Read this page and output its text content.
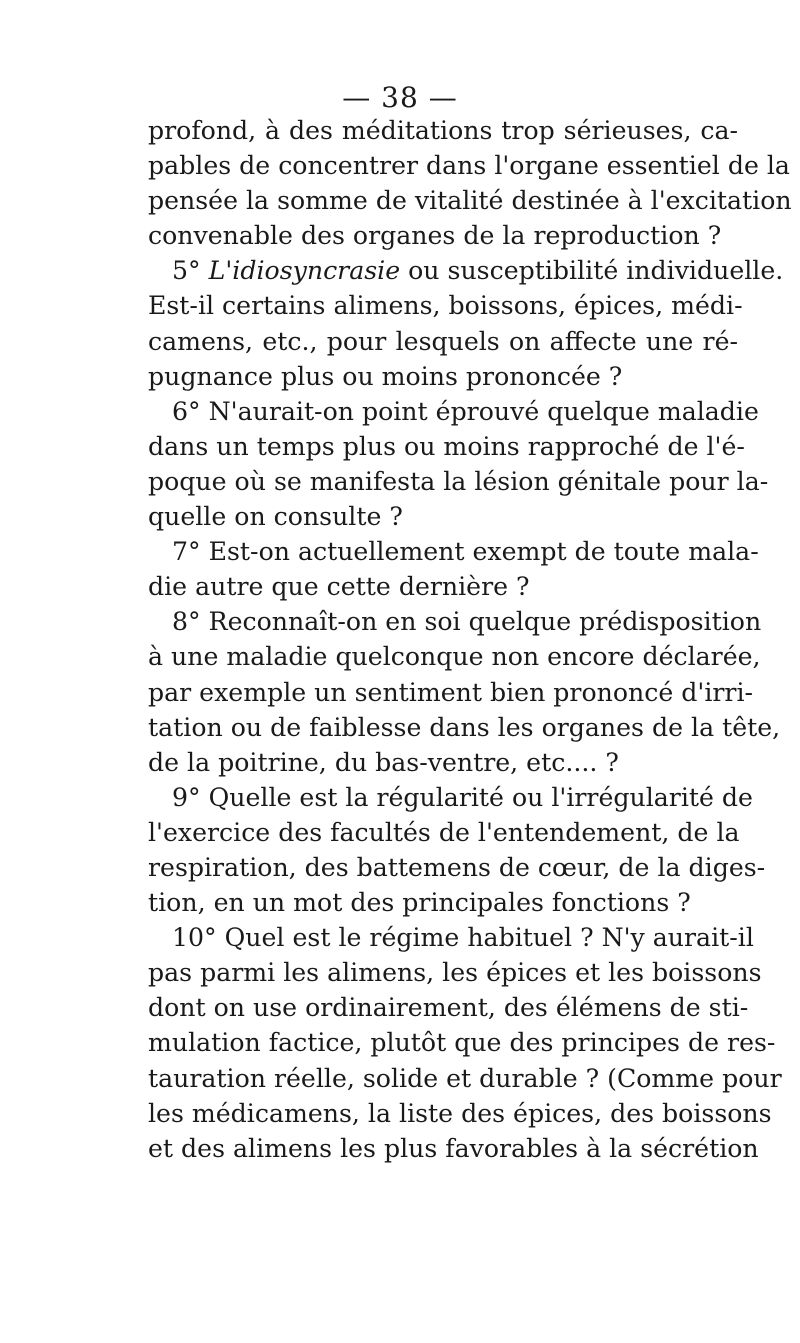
— 38 —
profond, à des méditations trop sérieuses, ca-
pables de concentrer dans l'organe essentiel de la
pensée la somme de vitalité destinée à l'excitation
convenable des organes de la reproduction ?
5° L'idiosyncrasie ou susceptibilité individuelle.
Est-il certains alimens, boissons, épices, médi-
camens, etc., pour lesquels on affecte une ré-
pugnance plus ou moins prononcée ?
6° N'aurait-on point éprouvé quelque maladie
dans un temps plus ou moins rapproché de l'é-
poque où se manifesta la lésion génitale pour la-
quelle on consulte ?
7° Est-on actuellement exempt de toute mala-
die autre que cette dernière ?
8° Reconnaît-on en soi quelque prédisposition
à une maladie quelconque non encore déclarée,
par exemple un sentiment bien prononcé d'irri-
tation ou de faiblesse dans les organes de la tête,
de la poitrine, du bas-ventre, etc.... ?
9° Quelle est la régularité ou l'irrégularité de
l'exercice des facultés de l'entendement, de la
respiration, des battemens de cœur, de la diges-
tion, en un mot des principales fonctions ?
10° Quel est le régime habituel ? N'y aurait-il
pas parmi les alimens, les épices et les boissons
dont on use ordinairement, des élémens de sti-
mulation factice, plutôt que des principes de res-
tauration réelle, solide et durable ? (Comme pour
les médicamens, la liste des épices, des boissons
et des alimens les plus favorables à la sécrétion
